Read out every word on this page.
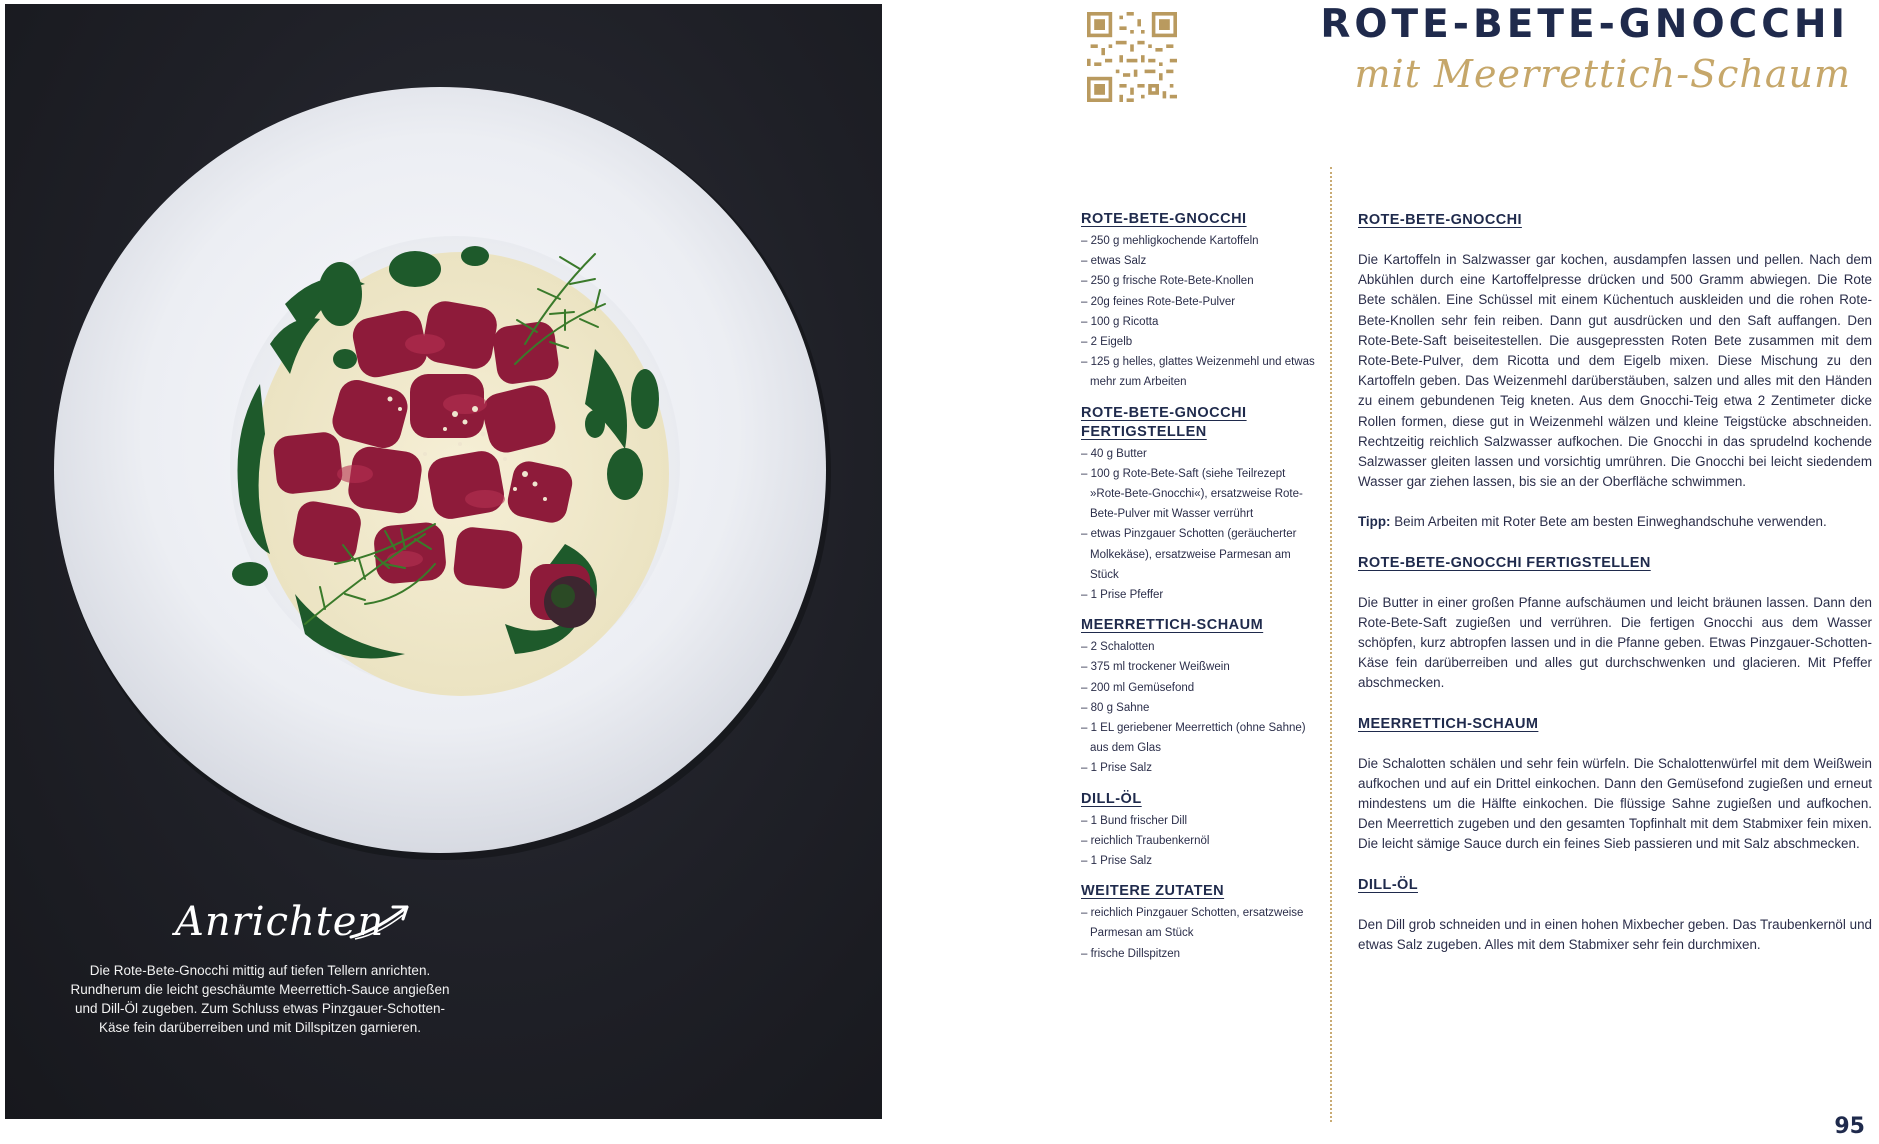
Anrichten
Die Rote-Bete-Gnocchi mittig auf tiefen Tellern anrichten. Rundherum die leicht geschäumte Meerrettich-Sauce angießen und Dill-Öl zugeben. Zum Schluss etwas Pinzgauer-Schotten-Käse fein darüberreiben und mit Dillspitzen garnieren.
ROTE-BETE-GNOCCHI
mit Meerrettich-Schaum
ROTE-BETE-GNOCCHI
– 250 g mehligkochende Kartoffeln
– etwas Salz
– 250 g frische Rote-Bete-Knollen
– 20g feines Rote-Bete-Pulver
– 100 g Ricotta
– 2 Eigelb
– 125 g helles, glattes Weizenmehl und etwas mehr zum Arbeiten
ROTE-BETE-GNOCCHI FERTIGSTELLEN
– 40 g Butter
– 100 g Rote-Bete-Saft (siehe Teilrezept »Rote-Bete-Gnocchi«), ersatzweise Rote-Bete-Pulver mit Wasser verrührt
– etwas Pinzgauer Schotten (geräucherter Molkekäse), ersatzweise Parmesan am Stück
– 1 Prise Pfeffer
MEERRETTICH-SCHAUM
– 2 Schalotten
– 375 ml trockener Weißwein
– 200 ml Gemüsefond
– 80 g Sahne
– 1 EL geriebener Meerrettich (ohne Sahne) aus dem Glas
– 1 Prise Salz
DILL-ÖL
– 1 Bund frischer Dill
– reichlich Traubenkernöl
– 1 Prise Salz
WEITERE ZUTATEN
– reichlich Pinzgauer Schotten, ersatzweise Parmesan am Stück
– frische Dillspitzen
ROTE-BETE-GNOCCHI

Die Kartoffeln in Salzwasser gar kochen, ausdampfen lassen und pellen. Nach dem Abkühlen durch eine Kartoffelpresse drücken und 500 Gramm abwiegen. Die Rote Bete schälen. Eine Schüssel mit einem Küchentuch auskleiden und die rohen Rote-Bete-Knollen sehr fein reiben. Dann gut ausdrücken und den Saft auffangen. Den Rote-Bete-Saft beiseitestellen. Die ausgepressten Roten Bete zusammen mit dem Rote-Bete-Pulver, dem Ricotta und dem Eigelb mixen. Diese Mischung zu den Kartoffeln geben. Das Weizenmehl darüberstäuben, salzen und alles mit den Händen zu einem gebundenen Teig kneten. Aus dem Gnocchi-Teig etwa 2 Zentimeter dicke Rollen formen, diese gut in Weizenmehl wälzen und kleine Teigstücke abschneiden. Rechtzeitig reichlich Salzwasser aufkochen. Die Gnocchi in das sprudelnd kochende Salzwasser gleiten lassen und vorsichtig umrühren. Die Gnocchi bei leicht siedendem Wasser gar ziehen lassen, bis sie an der Oberfläche schwimmen.

Tipp: Beim Arbeiten mit Roter Bete am besten Einweghandschuhe verwenden.

ROTE-BETE-GNOCCHI FERTIGSTELLEN

Die Butter in einer großen Pfanne aufschäumen und leicht bräunen lassen. Dann den Rote-Bete-Saft zugießen und verrühren. Die fertigen Gnocchi aus dem Wasser schöpfen, kurz abtropfen lassen und in die Pfanne geben. Etwas Pinzgauer-Schotten-Käse fein darüberreiben und alles gut durchschwenken und glacieren. Mit Pfeffer abschmecken.

MEERRETTICH-SCHAUM

Die Schalotten schälen und sehr fein würfeln. Die Schalottenwürfel mit dem Weißwein aufkochen und auf ein Drittel einkochen. Dann den Gemüsefond zugießen und erneut mindestens um die Hälfte einkochen. Die flüssige Sahne zugießen und aufkochen. Den Meerrettich zugeben und den gesamten Topfinhalt mit dem Stabmixer fein mixen. Die leicht sämige Sauce durch ein feines Sieb passieren und mit Salz abschmecken.

DILL-ÖL

Den Dill grob schneiden und in einen hohen Mixbecher geben. Das Traubenkernöl und etwas Salz zugeben. Alles mit dem Stabmixer sehr fein durchmixen.

95
